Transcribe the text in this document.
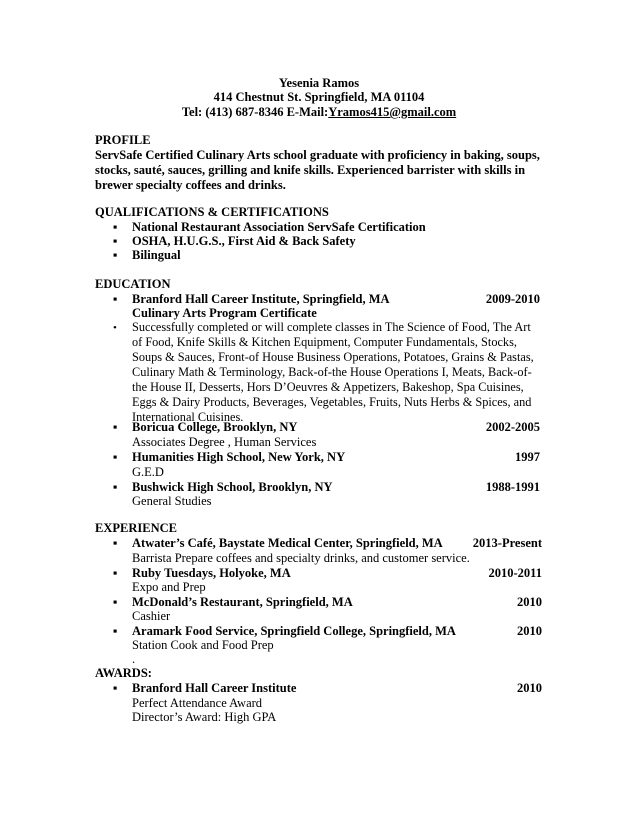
Yesenia Ramos
414 Chestnut St. Springfield, MA 01104
Tel: (413) 687-8346 E-Mail:Yramos415@gmail.com
PROFILE
ServSafe Certified Culinary Arts school graduate with proficiency in baking, soups,
stocks, sauté, sauces, grilling and knife skills. Experienced barrister with skills in
brewer specialty coffees and drinks.
QUALIFICATIONS & CERTIFICATIONS
▪ National Restaurant Association ServSafe Certification
▪ OSHA, H.U.G.S., First Aid & Back Safety
▪ Bilingual
EDUCATION
▪ Branford Hall Career Institute, Springfield, MA	2009-2010
Culinary Arts Program Certificate
• Successfully completed or will complete classes in The Science of Food, The Art
of Food, Knife Skills & Kitchen Equipment, Computer Fundamentals, Stocks,
Soups & Sauces, Front-of House Business Operations, Potatoes, Grains & Pastas,
Culinary Math & Terminology, Back-of-the House Operations I, Meats, Back-of-
the House II, Desserts, Hors D’Oeuvres & Appetizers, Bakeshop, Spa Cuisines,
Eggs & Dairy Products, Beverages, Vegetables, Fruits, Nuts Herbs & Spices, and
International Cuisines.
▪ Boricua College, Brooklyn, NY	2002-2005
Associates Degree , Human Services
▪ Humanities High School, New York, NY	1997
G.E.D
▪ Bushwick High School, Brooklyn, NY	1988-1991
General Studies
EXPERIENCE
▪ Atwater’s Café, Baystate Medical Center, Springfield, MA 2013-Present
Barrista Prepare coffees and specialty drinks, and customer service.
▪ Ruby Tuesdays, Holyoke, MA	2010-2011
Expo and Prep
▪ McDonald’s Restaurant, Springfield, MA	2010
Cashier
▪ Aramark Food Service, Springfield College, Springfield, MA	2010
Station Cook and Food Prep
.
AWARDS:
▪ Branford Hall Career Institute	2010
Perfect Attendance Award
Director’s Award: High GPA
